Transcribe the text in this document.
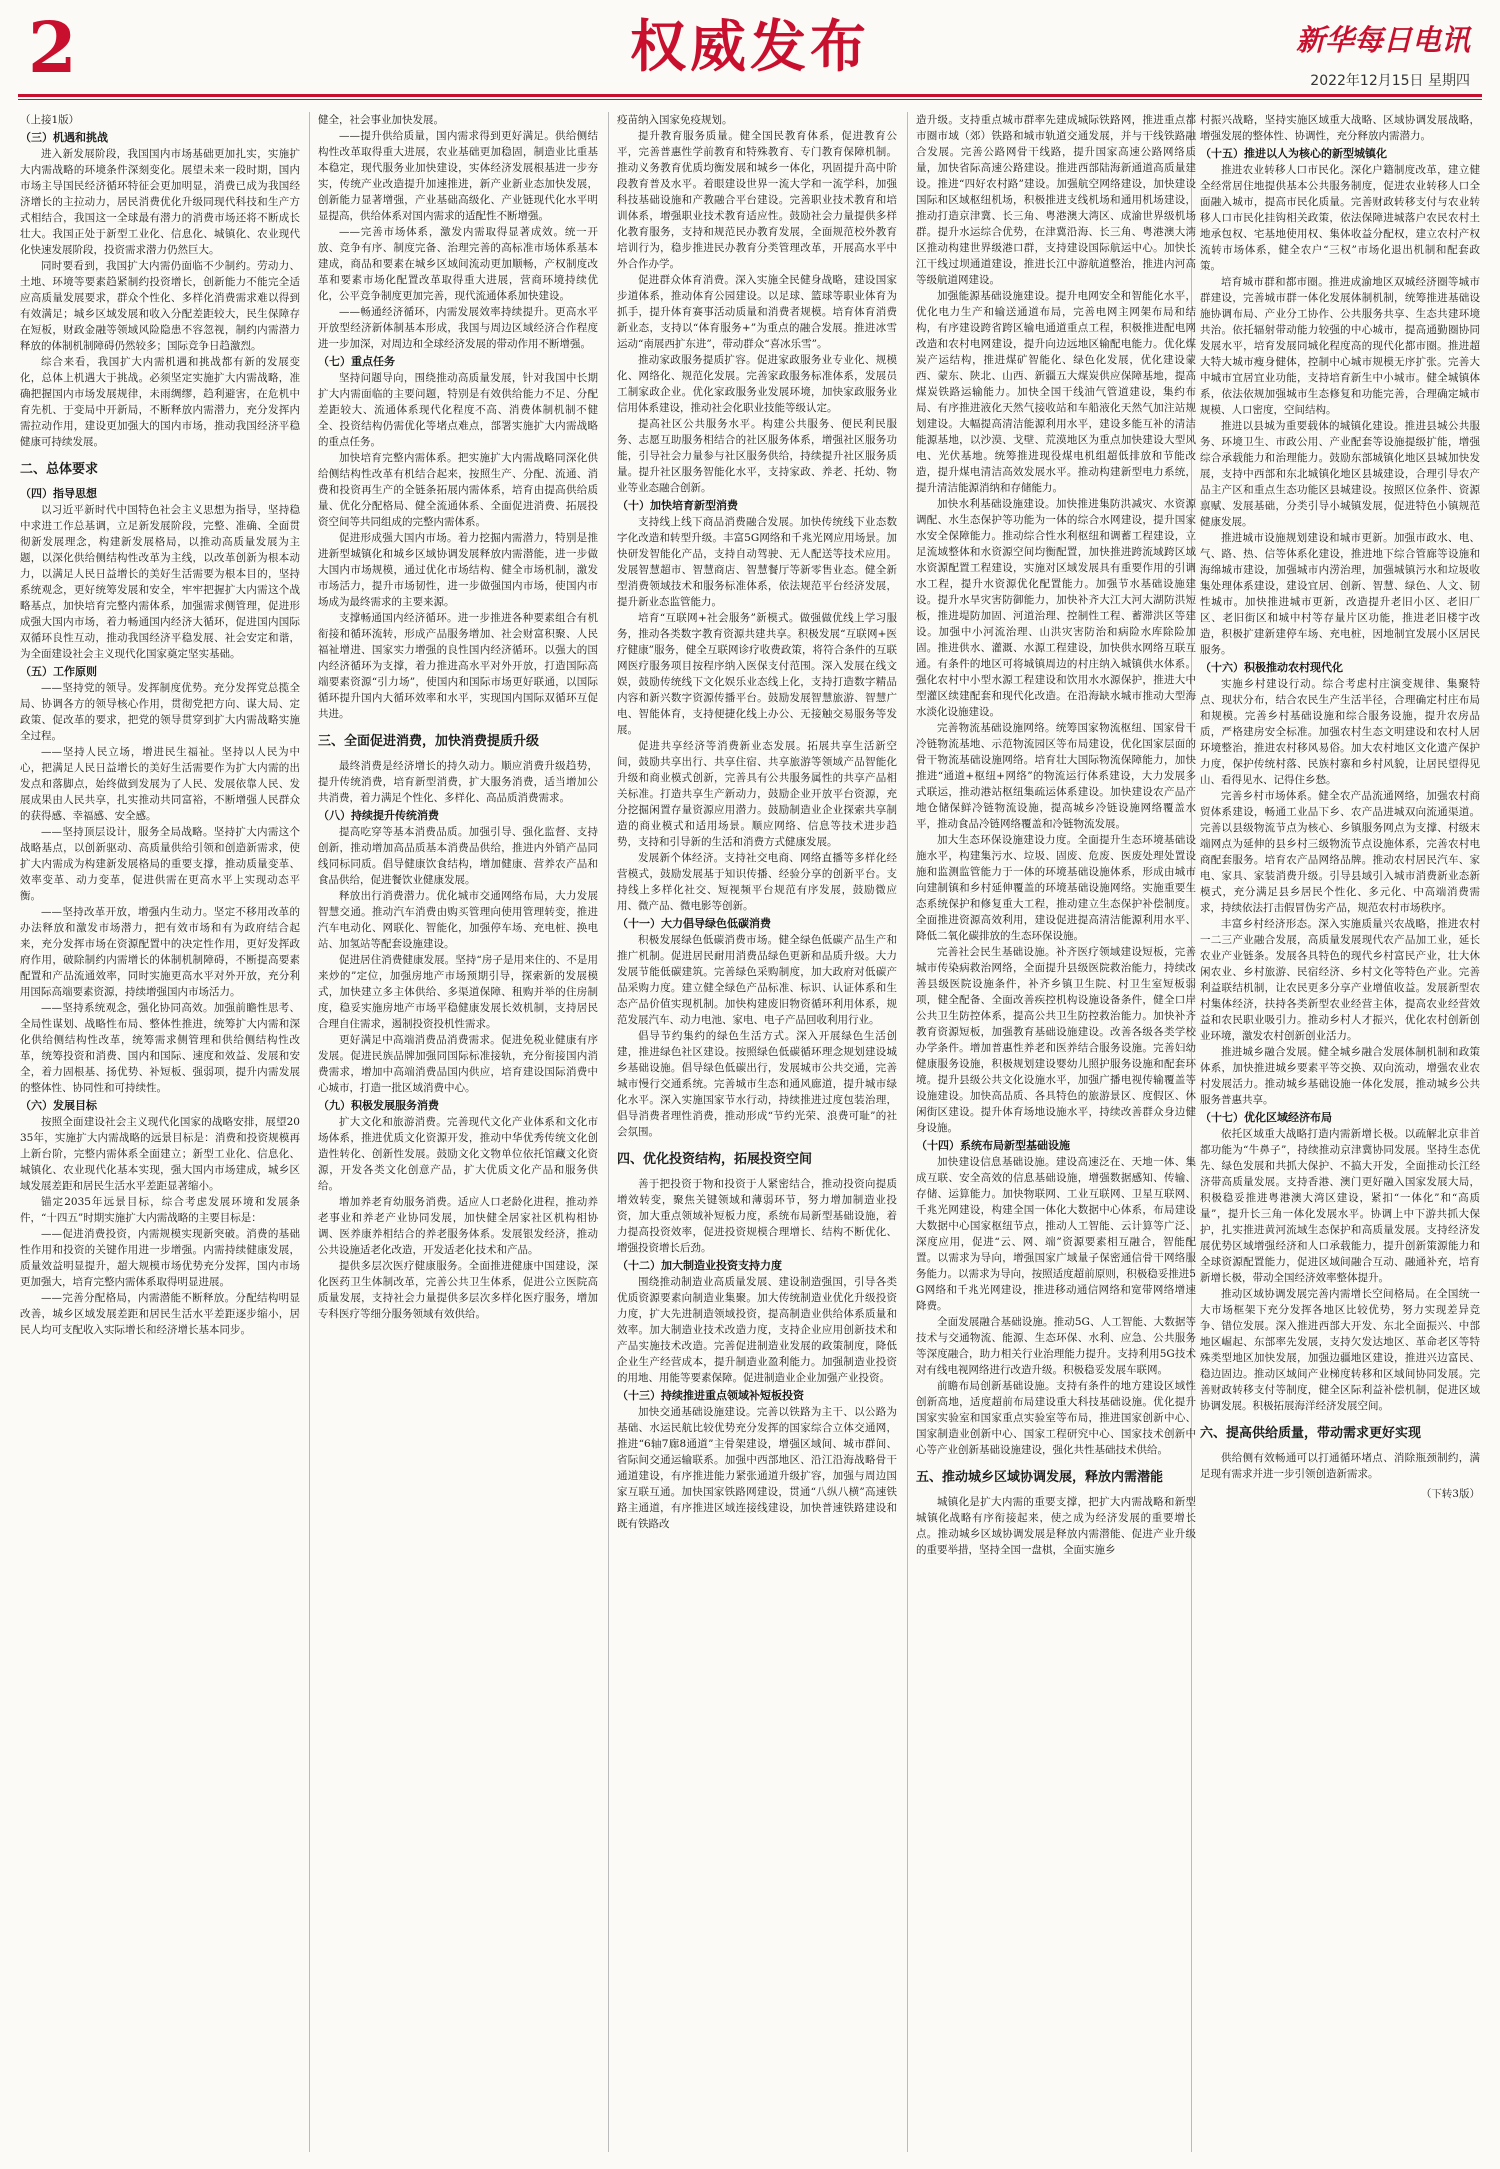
2	权威发布	新华每日电讯
2022年12月15日 星期四

（上接1版）

（三）机遇和挑战

进入新发展阶段，我国国内市场基础更加扎实，实施扩大内需战略的环境条件深刻变化。展望未来一段时期，国内市场主导国民经济循环特征会更加明显，消费已成为我国经济增长的主拉动力，居民消费优化升级同现代科技和生产方式相结合，我国这一全球最有潜力的消费市场还将不断成长壮大。我国正处于新型工业化、信息化、城镇化、农业现代化快速发展阶段，投资需求潜力仍然巨大。

同时要看到，我国扩大内需仍面临不少制约。劳动力、土地、环境等要素趋紧制约投资增长，创新能力不能完全适应高质量发展要求，群众个性化、多样化消费需求难以得到有效满足；城乡区域发展和收入分配差距较大，民生保障存在短板，财政金融等领域风险隐患不容忽视，制约内需潜力释放的体制机制障碍仍然较多；国际竞争日趋激烈。

综合来看，我国扩大内需机遇和挑战都有新的发展变化，总体上机遇大于挑战。必须坚定实施扩大内需战略，准确把握国内市场发展规律，未雨绸缪，趋利避害，在危机中育先机、于变局中开新局，不断释放内需潜力，充分发挥内需拉动作用，建设更加强大的国内市场，推动我国经济平稳健康可持续发展。

二、总体要求
（四）指导思想

以习近平新时代中国特色社会主义思想为指导，坚持稳中求进工作总基调，立足新发展阶段，完整、准确、全面贯彻新发展理念，构建新发展格局，以推动高质量发展为主题，以深化供给侧结构性改革为主线，以改革创新为根本动力，以满足人民日益增长的美好生活需要为根本目的，坚持系统观念，更好统筹发展和安全，牢牢把握扩大内需这个战略基点，加快培育完整内需体系，加强需求侧管理，促进形成强大国内市场，着力畅通国内经济大循环，促进国内国际双循环良性互动，推动我国经济平稳发展、社会安定和谐，为全面建设社会主义现代化国家奠定坚实基础。

（五）工作原则

——坚持党的领导。发挥制度优势。充分发挥党总揽全局、协调各方的领导核心作用，贯彻党把方向、谋大局、定政策、促改革的要求，把党的领导贯穿到扩大内需战略实施全过程。

——坚持人民立场，增进民生福祉。坚持以人民为中心，把满足人民日益增长的美好生活需要作为扩大内需的出发点和落脚点，始终做到发展为了人民、发展依靠人民、发展成果由人民共享，扎实推动共同富裕，不断增强人民群众的获得感、幸福感、安全感。

——坚持顶层设计，服务全局战略。坚持扩大内需这个战略基点，以创新驱动、高质量供给引领和创造新需求，使扩大内需成为构建新发展格局的重要支撑，推动质量变革、效率变革、动力变革，促进供需在更高水平上实现动态平衡。

——坚持改革开放，增强内生动力。坚定不移用改革的办法释放和激发市场潜力，把有效市场和有为政府结合起来，充分发挥市场在资源配置中的决定性作用，更好发挥政府作用，破除制约内需增长的体制机制障碍，不断提高要素配置和产品流通效率，同时实施更高水平对外开放，充分利用国际高端要素资源，持续增强国内市场活力。

——坚持系统观念，强化协同高效。加强前瞻性思考、全局性谋划、战略性布局、整体性推进，统筹扩大内需和深化供给侧结构性改革，统筹需求侧管理和供给侧结构性改革，统筹投资和消费、国内和国际、速度和效益、发展和安全，着力固根基、扬优势、补短板、强弱项，提升内需发展的整体性、协同性和可持续性。

（六）发展目标

按照全面建设社会主义现代化国家的战略安排，展望2035年，实施扩大内需战略的远景目标是：消费和投资规模再上新台阶，完整内需体系全面建立；新型工业化、信息化、城镇化、农业现代化基本实现，强大国内市场建成，城乡区域发展差距和居民生活水平差距显著缩小。

锚定2035年远景目标，综合考虑发展环境和发展条件，“十四五”时期实施扩大内需战略的主要目标是：

——促进消费投资，内需规模实现新突破。消费的基础性作用和投资的关键作用进一步增强。内需持续健康发展，质量效益明显提升，超大规模市场优势充分发挥，国内市场更加强大，培育完整内需体系取得明显进展。

——完善分配格局，内需潜能不断释放。分配结构明显改善，城乡区域发展差距和居民生活水平差距逐步缩小，居民人均可支配收入实际增长和经济增长基本同步。

健全，社会事业加快发展。

——提升供给质量，国内需求得到更好满足。供给侧结构性改革取得重大进展，农业基础更加稳固，制造业比重基本稳定，现代服务业加快建设，实体经济发展根基进一步夯实，传统产业改造提升加速推进，新产业新业态加快发展，创新能力显著增强，产业基础高级化、产业链现代化水平明显提高，供给体系对国内需求的适配性不断增强。

——完善市场体系，激发内需取得显著成效。统一开放、竞争有序、制度完备、治理完善的高标准市场体系基本建成，商品和要素在城乡区域间流动更加顺畅，产权制度改革和要素市场化配置改革取得重大进展，营商环境持续优化，公平竞争制度更加完善，现代流通体系加快建设。

——畅通经济循环，内需发展效率持续提升。更高水平开放型经济新体制基本形成，我国与周边区域经济合作程度进一步加深，对周边和全球经济发展的带动作用不断增强。

（七）重点任务

坚持问题导向，围绕推动高质量发展，针对我国中长期扩大内需面临的主要问题，特别是有效供给能力不足、分配差距较大、流通体系现代化程度不高、消费体制机制不健全、投资结构仍需优化等堵点难点，部署实施扩大内需战略的重点任务。

加快培育完整内需体系。把实施扩大内需战略同深化供给侧结构性改革有机结合起来，按照生产、分配、流通、消费和投资再生产的全链条拓展内需体系，培育由提高供给质量、优化分配格局、健全流通体系、全面促进消费、拓展投资空间等共同组成的完整内需体系。

促进形成强大国内市场。着力挖掘内需潜力，特别是推进新型城镇化和城乡区域协调发展释放内需潜能，进一步做大国内市场规模，通过优化市场结构、健全市场机制，激发市场活力，提升市场韧性，进一步做强国内市场，使国内市场成为最终需求的主要来源。

支撑畅通国内经济循环。进一步推进各种要素组合有机衔接和循环流转，形成产品服务增加、社会财富积聚、人民福祉增进、国家实力增强的良性国内经济循环。以强大的国内经济循环为支撑，着力推进高水平对外开放，打造国际高端要素资源“引力场”，使国内和国际市场更好联通，以国际循环提升国内大循环效率和水平，实现国内国际双循环互促共进。

三、全面促进消费，加快消费提质升级

最终消费是经济增长的持久动力。顺应消费升级趋势，提升传统消费，培育新型消费，扩大服务消费，适当增加公共消费，着力满足个性化、多样化、高品质消费需求。

（八）持续提升传统消费

提高吃穿等基本消费品质。加强引导、强化监督、支持创新，推动增加高品质基本消费品供给，推进内外销产品同线同标同质。倡导健康饮食结构，增加健康、营养农产品和食品供给，促进餐饮业健康发展。

释放出行消费潜力。优化城市交通网络布局，大力发展智慧交通。推动汽车消费由购买管理向使用管理转变，推进汽车电动化、网联化、智能化，加强停车场、充电桩、换电站、加氢站等配套设施建设。

促进居住消费健康发展。坚持“房子是用来住的、不是用来炒的”定位，加强房地产市场预期引导，探索新的发展模式，加快建立多主体供给、多渠道保障、租购并举的住房制度，稳妥实施房地产市场平稳健康发展长效机制，支持居民合理自住需求，遏制投资投机性需求。

更好满足中高端消费品消费需求。促进免税业健康有序发展。促进民族品牌加强同国际标准接轨，充分衔接国内消费需求，增加中高端消费品国内供应，培育建设国际消费中心城市，打造一批区域消费中心。

（九）积极发展服务消费

扩大文化和旅游消费。完善现代文化产业体系和文化市场体系，推进优质文化资源开发，推动中华优秀传统文化创造性转化、创新性发展。鼓励文化文物单位依托馆藏文化资源，开发各类文化创意产品，扩大优质文化产品和服务供给。

增加养老育幼服务消费。适应人口老龄化进程，推动养老事业和养老产业协同发展，加快健全居家社区机构相协调、医养康养相结合的养老服务体系。发展银发经济，推动公共设施适老化改造，开发适老化技术和产品。

提供多层次医疗健康服务。全面推进健康中国建设，深化医药卫生体制改革，完善公共卫生体系，促进公立医院高质量发展，支持社会力量提供多层次多样化医疗服务，增加专科医疗等细分服务领域有效供给。

疫苗纳入国家免疫规划。

提升教育服务质量。健全国民教育体系，促进教育公平，完善普惠性学前教育和特殊教育、专门教育保障机制。推动义务教育优质均衡发展和城乡一体化，巩固提升高中阶段教育普及水平。着眼建设世界一流大学和一流学科，加强科技基础设施和产教融合平台建设。完善职业技术教育和培训体系，增强职业技术教育适应性。鼓励社会力量提供多样化教育服务，支持和规范民办教育发展，全面规范校外教育培训行为，稳步推进民办教育分类管理改革，开展高水平中外合作办学。

促进群众体育消费。深入实施全民健身战略，建设国家步道体系，推动体育公园建设。以足球、篮球等职业体育为抓手，提升体育赛事活动质量和消费者规模。培育体育消费新业态，支持以“体育服务+”为重点的融合发展。推进冰雪运动“南展西扩东进”，带动群众“喜冰乐雪”。

推动家政服务提质扩容。促进家政服务业专业化、规模化、网络化、规范化发展。完善家政服务标准体系，发展员工制家政企业。优化家政服务业发展环境，加快家政服务业信用体系建设，推动社会化职业技能等级认定。

提高社区公共服务水平。构建公共服务、便民利民服务、志愿互助服务相结合的社区服务体系，增强社区服务功能，引导社会力量参与社区服务供给，持续提升社区服务质量。提升社区服务智能化水平，支持家政、养老、托幼、物业等业态融合创新。

（十）加快培育新型消费

支持线上线下商品消费融合发展。加快传统线下业态数字化改造和转型升级。丰富5G网络和千兆光网应用场景。加快研发智能化产品，支持自动驾驶、无人配送等技术应用。发展智慧超市、智慧商店、智慧餐厅等新零售业态。健全新型消费领域技术和服务标准体系，依法规范平台经济发展，提升新业态监管能力。

培育“互联网+社会服务”新模式。做强做优线上学习服务，推动各类数字教育资源共建共享。积极发展“互联网+医疗健康”服务，健全互联网诊疗收费政策，将符合条件的互联网医疗服务项目按程序纳入医保支付范围。深入发展在线文娱，鼓励传统线下文化娱乐业态线上化，支持打造数字精品内容和新兴数字资源传播平台。鼓励发展智慧旅游、智慧广电、智能体育，支持便捷化线上办公、无接触交易服务等发展。

促进共享经济等消费新业态发展。拓展共享生活新空间，鼓励共享出行、共享住宿、共享旅游等领域产品智能化升级和商业模式创新，完善具有公共服务属性的共享产品相关标准。打造共享生产新动力，鼓励企业开放平台资源，充分挖掘闲置存量资源应用潜力。鼓励制造业企业探索共享制造的商业模式和适用场景。顺应网络、信息等技术进步趋势，支持和引导新的生活和消费方式健康发展。

发展新个体经济。支持社交电商、网络直播等多样化经营模式，鼓励发展基于知识传播、经验分享的创新平台。支持线上多样化社交、短视频平台规范有序发展，鼓励微应用、微产品、微电影等创新。

（十一）大力倡导绿色低碳消费

积极发展绿色低碳消费市场。健全绿色低碳产品生产和推广机制。促进居民耐用消费品绿色更新和品质升级。大力发展节能低碳建筑。完善绿色采购制度，加大政府对低碳产品采购力度。建立健全绿色产品标准、标识、认证体系和生态产品价值实现机制。加快构建废旧物资循环利用体系，规范发展汽车、动力电池、家电、电子产品回收利用行业。

倡导节约集约的绿色生活方式。深入开展绿色生活创建，推进绿色社区建设。按照绿色低碳循环理念规划建设城乡基础设施。倡导绿色低碳出行，发展城市公共交通，完善城市慢行交通系统。完善城市生态和通风廊道，提升城市绿化水平。深入实施国家节水行动，持续推进过度包装治理，倡导消费者理性消费，推动形成“节约光荣、浪费可耻”的社会氛围。

四、优化投资结构，拓展投资空间

善于把投资于物和投资于人紧密结合，推动投资向提质增效转变，聚焦关键领域和薄弱环节，努力增加制造业投资，加大重点领域补短板力度，系统布局新型基础设施，着力提高投资效率，促进投资规模合理增长、结构不断优化、增强投资增长后劲。

（十二）加大制造业投资支持力度

围绕推动制造业高质量发展、建设制造强国，引导各类优质资源要素向制造业集聚。加大传统制造业优化升级投资力度，扩大先进制造领域投资，提高制造业供给体系质量和效率。加大制造业技术改造力度，支持企业应用创新技术和产品实施技术改造。完善促进制造业发展的政策制度，降低企业生产经营成本，提升制造业盈利能力。加强制造业投资的用地、用能等要素保障。促进制造业企业加强产业投资。

（十三）持续推进重点领域补短板投资

加快交通基础设施建设。完善以铁路为主干、以公路为基础、水运民航比较优势充分发挥的国家综合立体交通网，推进“6轴7廊8通道”主骨架建设，增强区域间、城市群间、省际间交通运输联系。加强中西部地区、沿江沿海战略骨干通道建设，有序推进能力紧张通道升级扩容，加强与周边国家互联互通。加快国家铁路网建设，贯通“八纵八横”高速铁路主通道，有序推进区域连接线建设，加快普速铁路建设和既有铁路改

造升级。支持重点城市群率先建成城际铁路网，推进重点都市圈市域（郊）铁路和城市轨道交通发展，并与干线铁路融合发展。完善公路网骨干线路，提升国家高速公路网络质量，加快省际高速公路建设。推进西部陆海新通道高质量建设。推进“四好农村路”建设。加强航空网络建设，加快建设国际和区域枢纽机场，积极推进支线机场和通用机场建设，推动打造京津冀、长三角、粤港澳大湾区、成渝世界级机场群。提升水运综合优势，在津冀沿海、长三角、粤港澳大湾区推动构建世界级港口群，支持建设国际航运中心。加快长江干线过坝通道建设，推进长江中游航道整治，推进内河高等级航道网建设。

加强能源基础设施建设。提升电网安全和智能化水平，优化电力生产和输送通道布局，完善电网主网架布局和结构，有序建设跨省跨区输电通道重点工程，积极推进配电网改造和农村电网建设，提升向边远地区输配电能力。优化煤炭产运结构，推进煤矿智能化、绿色化发展，优化建设蒙西、蒙东、陕北、山西、新疆五大煤炭供应保障基地，提高煤炭铁路运输能力。加快全国干线油气管道建设，集约布局、有序推进液化天然气接收站和车船液化天然气加注站规划建设。大幅提高清洁能源利用水平，建设多能互补的清洁能源基地，以沙漠、戈壁、荒漠地区为重点加快建设大型风电、光伏基地。统筹推进现役煤电机组超低排放和节能改造，提升煤电清洁高效发展水平。推动构建新型电力系统，提升清洁能源消纳和存储能力。

加快水利基础设施建设。加快推进集防洪减灾、水资源调配、水生态保护等功能为一体的综合水网建设，提升国家水安全保障能力。推动综合性水利枢纽和调蓄工程建设，立足流域整体和水资源空间均衡配置，加快推进跨流域跨区域水资源配置工程建设，实施对区域发展具有重要作用的引调水工程，提升水资源优化配置能力。加强节水基础设施建设。提升水旱灾害防御能力，加快补齐大江大河大湖防洪短板，推进堤防加固、河道治理、控制性工程、蓄滞洪区等建设。加强中小河流治理、山洪灾害防治和病险水库除险加固。推进供水、灌溉、水源工程建设，加快供水网络互联互通。有条件的地区可将城镇周边的村庄纳入城镇供水体系。强化农村中小型水源工程建设和饮用水水源保护，推进大中型灌区续建配套和现代化改造。在沿海缺水城市推动大型海水淡化设施建设。

完善物流基础设施网络。统筹国家物流枢纽、国家骨干冷链物流基地、示范物流园区等布局建设，优化国家层面的骨干物流基础设施网络。培育壮大国际物流保障能力，加快推进“通道+枢纽+网络”的物流运行体系建设，大力发展多式联运，推动港站枢纽集疏运体系建设。加快建设农产品产地仓储保鲜冷链物流设施，提高城乡冷链设施网络覆盖水平，推动食品冷链网络覆盖和冷链物流发展。

加大生态环保设施建设力度。全面提升生态环境基础设施水平，构建集污水、垃圾、固废、危废、医废处理处置设施和监测监管能力于一体的环境基础设施体系，形成由城市向建制镇和乡村延伸覆盖的环境基础设施网络。实施重要生态系统保护和修复重大工程，推动建立生态保护补偿制度。全面推进资源高效利用，建设促进提高清洁能源利用水平、降低二氧化碳排放的生态环保设施。

完善社会民生基础设施。补齐医疗领域建设短板，完善城市传染病救治网络，全面提升县级医院救治能力，持续改善县级医院设施条件，补齐乡镇卫生院、村卫生室短板弱项，健全配备、全面改善疾控机构设施设备条件，健全口岸公共卫生防控体系，提高公共卫生防控救治能力。加快补齐教育资源短板，加强教育基础设施建设。改善各级各类学校办学条件。增加普惠性养老和医养结合服务设施。完善妇幼健康服务设施，积极规划建设婴幼儿照护服务设施和配套环境。提升县级公共文化设施水平，加强广播电视传输覆盖等设施建设。加快高品质、各具特色的旅游景区、度假区、休闲街区建设。提升体育场地设施水平，持续改善群众身边健身设施。

（十四）系统布局新型基础设施

加快建设信息基础设施。建设高速泛在、天地一体、集成互联、安全高效的信息基础设施，增强数据感知、传输、存储、运算能力。加快物联网、工业互联网、卫星互联网、千兆光网建设，构建全国一体化大数据中心体系，布局建设大数据中心国家枢纽节点，推动人工智能、云计算等广泛、深度应用，促进“云、网、端”资源要素相互融合，智能配置。以需求为导向，增强国家广域量子保密通信骨干网络服务能力。以需求为导向，按照适度超前原则，积极稳妥推进5G网络和千兆光网建设，推进移动通信网络和宽带网络增速降费。

全面发展融合基础设施。推动5G、人工智能、大数据等技术与交通物流、能源、生态环保、水利、应急、公共服务等深度融合，助力相关行业治理能力提升。支持利用5G技术对有线电视网络进行改造升级。积极稳妥发展车联网。

前瞻布局创新基础设施。支持有条件的地方建设区域性创新高地，适度超前布局建设重大科技基础设施。优化提升国家实验室和国家重点实验室等布局，推进国家创新中心、国家制造业创新中心、国家工程研究中心、国家技术创新中心等产业创新基础设施建设，强化共性基础技术供给。

五、推动城乡区域协调发展，释放内需潜能

城镇化是扩大内需的重要支撑，把扩大内需战略和新型城镇化战略有序衔接起来，使之成为经济发展的重要增长点。推动城乡区域协调发展是释放内需潜能、促进产业升级的重要举措，坚持全国一盘棋，全面实施乡

村振兴战略，坚持实施区域重大战略、区域协调发展战略，增强发展的整体性、协调性，充分释放内需潜力。

（十五）推进以人为核心的新型城镇化

推进农业转移人口市民化。深化户籍制度改革，建立健全经常居住地提供基本公共服务制度，促进农业转移人口全面融入城市，提高市民化质量。完善财政转移支付与农业转移人口市民化挂钩相关政策，依法保障进城落户农民农村土地承包权、宅基地使用权、集体收益分配权，建立农村产权流转市场体系，健全农户“三权”市场化退出机制和配套政策。

培育城市群和都市圈。推进成渝地区双城经济圈等城市群建设，完善城市群一体化发展体制机制，统筹推进基础设施协调布局、产业分工协作、公共服务共享、生态共建环境共治。依托辐射带动能力较强的中心城市，提高通勤圈协同发展水平，培育发展同城化程度高的现代化都市圈。推进超大特大城市瘦身健体，控制中心城市规模无序扩张。完善大中城市宜居宜业功能，支持培育新生中小城市。健全城镇体系，依法依规加强城市生态修复和功能完善，合理确定城市规模、人口密度，空间结构。

推进以县城为重要载体的城镇化建设。推进县城公共服务、环境卫生、市政公用、产业配套等设施提级扩能，增强综合承载能力和治理能力。鼓励东部城镇化地区县城加快发展，支持中西部和东北城镇化地区县城建设，合理引导农产品主产区和重点生态功能区县城建设。按照区位条件、资源禀赋、发展基础，分类引导小城镇发展，促进特色小镇规范健康发展。

推进城市设施规划建设和城市更新。加强市政水、电、气、路、热、信等体系化建设，推进地下综合管廊等设施和海绵城市建设，加强城市内涝治理，加强城镇污水和垃圾收集处理体系建设，建设宜居、创新、智慧、绿色、人文、韧性城市。加快推进城市更新，改造提升老旧小区、老旧厂区、老旧街区和城中村等存量片区功能，推进老旧楼宇改造，积极扩建新建停车场、充电桩，因地制宜发展小区居民服务。

（十六）积极推动农村现代化

实施乡村建设行动。综合考虑村庄演变规律、集聚特点、现状分布，结合农民生产生活半径，合理确定村庄布局和规模。完善乡村基础设施和综合服务设施，提升农房品质，严格建房安全标准。加强农村生态文明建设和农村人居环境整治，推进农村移风易俗。加大农村地区文化遗产保护力度，保护传统村落、民族村寨和乡村风貌，让居民望得见山、看得见水、记得住乡愁。

完善乡村市场体系。健全农产品流通网络，加强农村商贸体系建设，畅通工业品下乡、农产品进城双向流通渠道。完善以县级物流节点为核心、乡镇服务网点为支撑、村级末端网点为延伸的县乡村三级物流节点设施体系，完善农村电商配套服务。培育农产品网络品牌。推动农村居民汽车、家电、家具、家装消费升级。引导县域引入城市消费新业态新模式，充分满足县乡居民个性化、多元化、中高端消费需求，持续依法打击假冒伪劣产品，规范农村市场秩序。

丰富乡村经济形态。深入实施质量兴农战略，推进农村一二三产业融合发展，高质量发展现代农产品加工业，延长农业产业链条。发展各具特色的现代乡村富民产业，壮大休闲农业、乡村旅游、民宿经济、乡村文化等特色产业。完善利益联结机制，让农民更多分享产业增值收益。发展新型农村集体经济，扶持各类新型农业经营主体，提高农业经营效益和农民职业吸引力。推动乡村人才振兴，优化农村创新创业环境，激发农村创新创业活力。

推进城乡融合发展。健全城乡融合发展体制机制和政策体系，加快推进城乡要素平等交换、双向流动，增强农业农村发展活力。推动城乡基础设施一体化发展，推动城乡公共服务普惠共享。

（十七）优化区域经济布局

依托区域重大战略打造内需新增长极。以疏解北京非首都功能为“牛鼻子”，持续推动京津冀协同发展。坚持生态优先、绿色发展和共抓大保护、不搞大开发，全面推动长江经济带高质量发展。支持香港、澳门更好融入国家发展大局，积极稳妥推进粤港澳大湾区建设，紧扣“一体化”和“高质量”，提升长三角一体化发展水平。协调上中下游共抓大保护，扎实推进黄河流域生态保护和高质量发展。支持经济发展优势区域增强经济和人口承载能力，提升创新策源能力和全球资源配置能力，促进区域间融合互动、融通补充，培育新增长极，带动全国经济效率整体提升。

推动区域协调发展完善内需增长空间格局。在全国统一大市场框架下充分发挥各地区比较优势，努力实现差异竞争、错位发展。深入推进西部大开发、东北全面振兴、中部地区崛起、东部率先发展，支持欠发达地区、革命老区等特殊类型地区加快发展，加强边疆地区建设，推进兴边富民、稳边固边。推动区域间产业梯度转移和区域间协同发展。完善财政转移支付等制度，健全区际利益补偿机制，促进区域协调发展。积极拓展海洋经济发展空间。

六、提高供给质量，带动需求更好实现

供给侧有效畅通可以打通循环堵点、消除瓶颈制约，满足现有需求并进一步引领创造新需求。

（下转3版）
